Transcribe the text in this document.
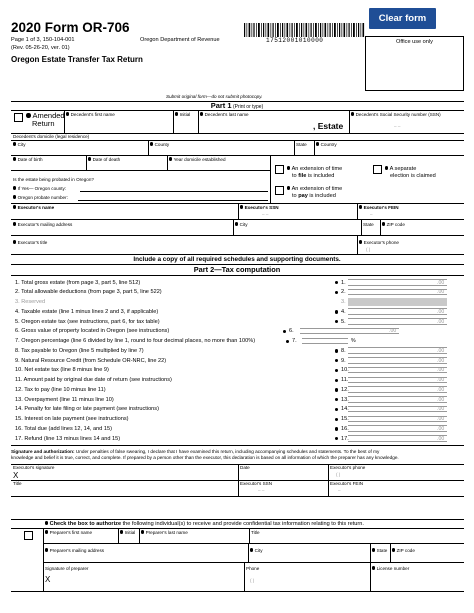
2020 Form OR-706
Page 1 of 3, 150-104-001
(Rev. 05-26-20, ver. 01)
Oregon Department of Revenue
Oregon Estate Transfer Tax Return
17512001010000
Clear form
Office use only
Submit original form—do not submit photocopy.
Part 1 (Print or type)
Amended
Return
Decedent's first name	Initial	Decedent's last name
, Estate
Decedent's Social Security number (SSN)
– –
Decedent's domicile (legal residence)
City	County	State	Country
Date of birth	Date of death	Year domicile established
Is the estate being probated in Oregon?
If Yes— Oregon county:
Oregon probate number:
An extension of time
to file is included
An extension of time
to pay is included
A separate
election is claimed
Executor's name	Executor's SSN
– –
Executor's FEIN
–
Executor's mailing address	City	State	ZIP code
Executor's title	Executor's phone
( )
Include a copy of all required schedules and supporting documents.
Part 2—Tax computation
1. Total gross estate (from page 3, part 5, line 512)	1.	.00
2. Total allowable deductions (from page 3, part 5, line 522)	2.	.00
3. Reserved	3.
4. Taxable estate (line 1 minus lines 2 and 3, if applicable)	4.	.00
5. Oregon estate tax (see instructions, part 6, for tax table)	5.	.00
6. Gross value of property located in Oregon (see instructions)	6.	.00
7. Oregon percentage (line 6 divided by line 1, round to four decimal places, no more than 100%)	7.	%
8. Tax payable to Oregon (line 5 multiplied by line 7)	8.	.00
9. Natural Resource Credit (from Schedule OR-NRC, line 22)	9.	.00
10. Net estate tax (line 8 minus line 9)	10.	.00
11. Amount paid by original due date of return (see instructions)	11.	.00
12. Tax to pay (line 10 minus line 11)	12.	.00
13. Overpayment (line 11 minus line 10)	13.	.00
14. Penalty for late filing or late payment (see instructions)	14.	.00
15. Interest on late payment (see instructions)	15.	.00
16. Total due (add lines 12, 14, and 15)	16.	.00
17. Refund (line 13 minus lines 14 and 15)	17.	.00
Signature and authorization: Under penalties of false swearing, I declare that I have examined this return, including accompanying schedules and statements. To the best of my
knowledge and belief it is true, correct, and complete. If prepared by a person other than the executor, this declaration is based on all information of which the preparer has any knowledge.
Executor's signature
X
Date	Executor's phone
( )
Title	Executor's SSN
– –
Executor's FEIN
–
Check the box to authorize the following individual(s) to receive and provide confidential tax information relating to this return.
Preparer's first name	Initial	Preparer's last name	Title
Preparer's mailing address	City	State	ZIP code
Signature of preparer
X
Phone
( )
License number
